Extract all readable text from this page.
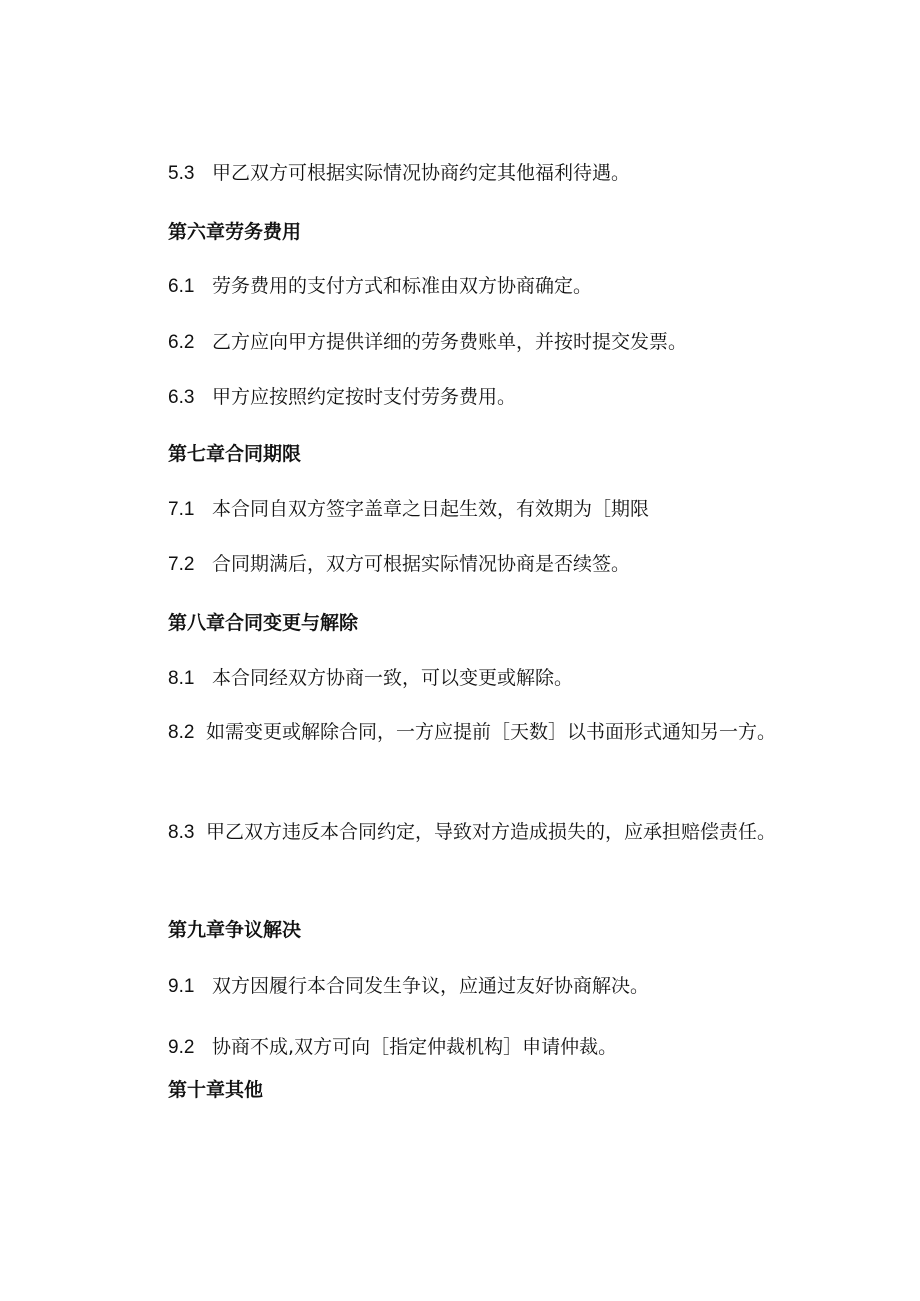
5.3 甲乙双方可根据实际情况协商约定其他福利待遇。
第六章劳务费用
6.1 劳务费用的支付方式和标准由双方协商确定。
6.2 乙方应向甲方提供详细的劳务费账单，并按时提交发票。
6.3 甲方应按照约定按时支付劳务费用。
第七章合同期限
7.1 本合同自双方签字盖章之日起生效，有效期为［期限
7.2 合同期满后，双方可根据实际情况协商是否续签。
第八章合同变更与解除
8.1 本合同经双方协商一致，可以变更或解除。
8.2 如需变更或解除合同，一方应提前［天数］以书面形式通知另一方。
8.3 甲乙双方违反本合同约定，导致对方造成损失的，应承担赔偿责任。
第九章争议解决
9.1 双方因履行本合同发生争议，应通过友好协商解决。
9.2 协商不成,双方可向［指定仲裁机构］申请仲裁。
第十章其他
